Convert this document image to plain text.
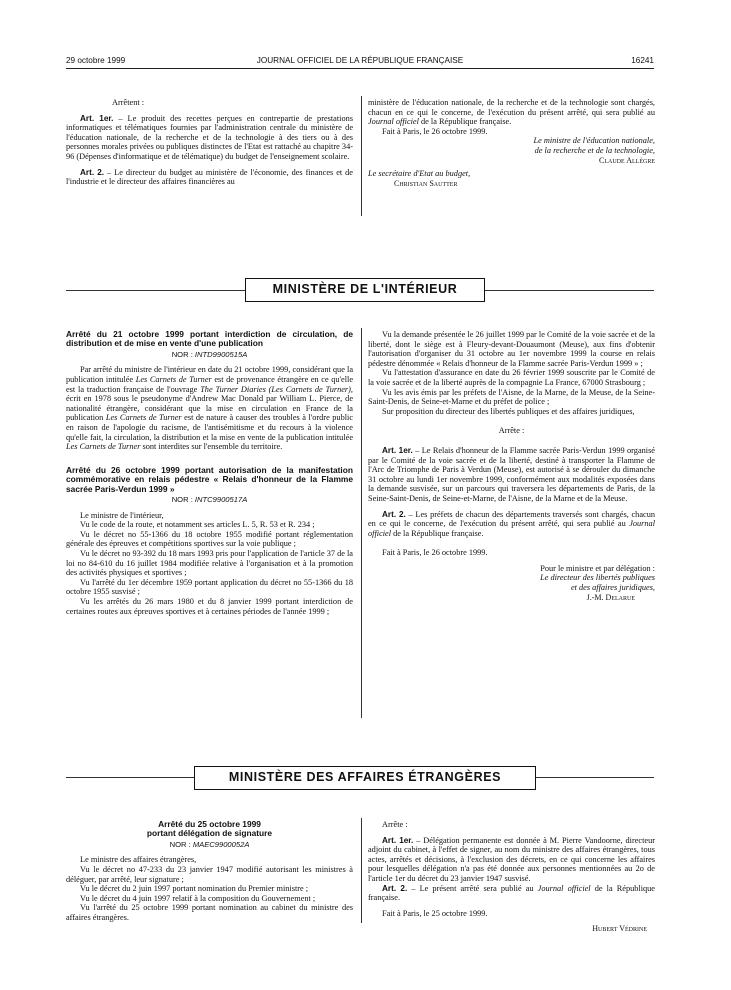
29 octobre 1999	JOURNAL OFFICIEL DE LA RÉPUBLIQUE FRANÇAISE	16241

Arrêtent :

Art. 1er. – Le produit des recettes perçues en contrepartie de prestations informatiques et télématiques fournies par l'administration centrale du ministère de l'éducation nationale, de la recherche et de la technologie à des tiers ou à des personnes morales privées ou publiques distinctes de l'Etat est rattaché au chapitre 34-96 (Dépenses d'informatique et de télématique) du budget de l'enseignement scolaire.

Art. 2. – Le directeur du budget au ministère de l'économie, des finances et de l'industrie et le directeur des affaires financières au

ministère de l'éducation nationale, de la recherche et de la technologie sont chargés, chacun en ce qui le concerne, de l'exécution du présent arrêté, qui sera publié au Journal officiel de la République française.

Fait à Paris, le 26 octobre 1999.

Le ministre de l'éducation nationale,

de la recherche et de la technologie,

Claude Allègre

Le secrétaire d'Etat au budget,

Christian Sautter

MINISTÈRE DE L'INTÉRIEUR
Arrêté du 21 octobre 1999 portant interdiction de circulation, de distribution et de mise en vente d'une publication
NOR : INTD9900515A

Par arrêté du ministre de l'intérieur en date du 21 octobre 1999, considérant que la publication intitulée Les Carnets de Turner est de provenance étrangère en ce qu'elle est la traduction française de l'ouvrage The Turner Diaries (Les Carnets de Turner), écrit en 1978 sous le pseudonyme d'Andrew Mac Donald par William L. Pierce, de nationalité étrangère, considérant que la mise en circulation en France de la publication Les Carnets de Turner est de nature à causer des troubles à l'ordre public en raison de l'apologie du racisme, de l'antisémitisme et du recours à la violence qu'elle fait, la circulation, la distribution et la mise en vente de la publication intitulée Les Carnets de Turner sont interdites sur l'ensemble du territoire.

Arrêté du 26 octobre 1999 portant autorisation de la manifestation commémorative en relais pédestre « Relais d'honneur de la Flamme sacrée Paris-Verdun 1999 »
NOR : INTC9900517A

Le ministre de l'intérieur,

Vu le code de la route, et notamment ses articles L. 5, R. 53 et R. 234 ;

Vu le décret no 55-1366 du 18 octobre 1955 modifié portant réglementation générale des épreuves et compétitions sportives sur la voie publique ;

Vu le décret no 93-392 du 18 mars 1993 pris pour l'application de l'article 37 de la loi no 84-610 du 16 juillet 1984 modifiée relative à l'organisation et à la promotion des activités physiques et sportives ;

Vu l'arrêté du 1er décembre 1959 portant application du décret no 55-1366 du 18 octobre 1955 susvisé ;

Vu les arrêtés du 26 mars 1980 et du 8 janvier 1999 portant interdiction de certaines routes aux épreuves sportives et à certaines périodes de l'année 1999 ;

Vu la demande présentée le 26 juillet 1999 par le Comité de la voie sacrée et de la liberté, dont le siège est à Fleury-devant-Douaumont (Meuse), aux fins d'obtenir l'autorisation d'organiser du 31 octobre au 1er novembre 1999 la course en relais pédestre dénommée « Relais d'honneur de la Flamme sacrée Paris-Verdun 1999 » ;

Vu l'attestation d'assurance en date du 26 février 1999 souscrite par le Comité de la voie sacrée et de la liberté auprès de la compagnie La France, 67000 Strasbourg ;

Vu les avis émis par les préfets de l'Aisne, de la Marne, de la Meuse, de la Seine-Saint-Denis, de Seine-et-Marne et du préfet de police ;

Sur proposition du directeur des libertés publiques et des affaires juridiques,

Arrête :

Art. 1er. – Le Relais d'honneur de la Flamme sacrée Paris-Verdun 1999 organisé par le Comité de la voie sacrée et de la liberté, destiné à transporter la Flamme de l'Arc de Triomphe de Paris à Verdun (Meuse), est autorisé à se dérouler du dimanche 31 octobre au lundi 1er novembre 1999, conformément aux modalités exposées dans la demande susvisée, sur un parcours qui traversera les départements de Paris, de la Seine-Saint-Denis, de Seine-et-Marne, de l'Aisne, de la Marne et de la Meuse.

Art. 2. – Les préfets de chacun des départements traversés sont chargés, chacun en ce qui le concerne, de l'exécution du présent arrêté, qui sera publié au Journal officiel de la République française.

Fait à Paris, le 26 octobre 1999.

Pour le ministre et par délégation :

Le directeur des libertés publiques

et des affaires juridiques,

J.-M. Delarue

MINISTÈRE DES AFFAIRES ÉTRANGÈRES
Arrêté du 25 octobre 1999
portant délégation de signature
NOR : MAEC9900052A

Le ministre des affaires étrangères,

Vu le décret no 47-233 du 23 janvier 1947 modifié autorisant les ministres à déléguer, par arrêté, leur signature ;

Vu le décret du 2 juin 1997 portant nomination du Premier ministre ;

Vu le décret du 4 juin 1997 relatif à la composition du Gouvernement ;

Vu l'arrêté du 25 octobre 1999 portant nomination au cabinet du ministre des affaires étrangères.

Arrête :

Art. 1er. – Délégation permanente est donnée à M. Pierre Vandoorne, directeur adjoint du cabinet, à l'effet de signer, au nom du ministre des affaires étrangères, tous actes, arrêtés et décisions, à l'exclusion des décrets, en ce qui concerne les affaires pour lesquelles délégation n'a pas été donnée aux personnes mentionnées au 2o de l'article 1er du décret du 23 janvier 1947 susvisé.

Art. 2. – Le présent arrêté sera publié au Journal officiel de la République française.

Fait à Paris, le 25 octobre 1999.

Hubert Védrine
